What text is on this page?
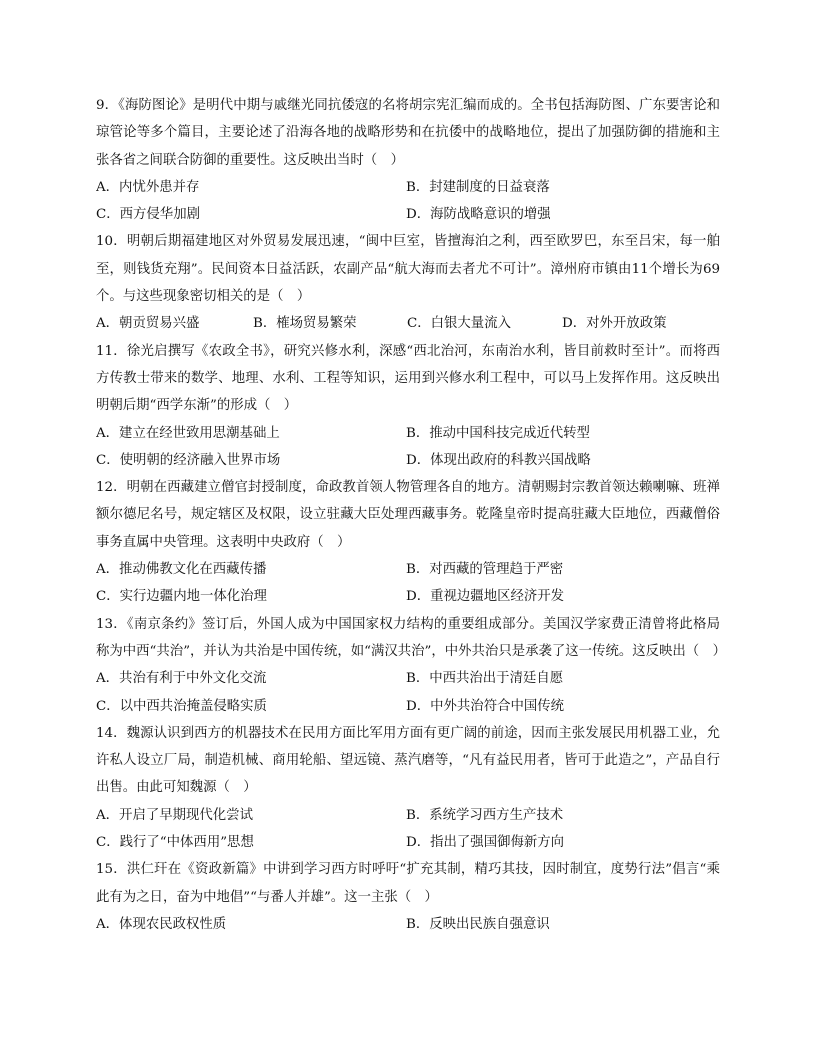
9．《海防图论》是明代中期与戚继光同抗倭寇的名将胡宗宪汇编而成的。全书包括海防图、广东要害论和琼管论等多个篇目，主要论述了沿海各地的战略形势和在抗倭中的战略地位，提出了加强防御的措施和主张各省之间联合防御的重要性。这反映出当时（　）

A．内忧外患并存	B．封建制度的日益衰落
C．西方侵华加剧	D．海防战略意识的增强

10．明朝后期福建地区对外贸易发展迅速，“闽中巨室，皆擅海泊之利，西至欧罗巴，东至吕宋，每一舶至，则钱货充翔”。民间资本日益活跃，农副产品“航大海而去者尤不可计”。漳州府市镇由11个增长为69个。与这些现象密切相关的是（　）

A．朝贡贸易兴盛	B．榷场贸易繁荣	C．白银大量流入	D．对外开放政策

11．徐光启撰写《农政全书》，研究兴修水利，深感“西北治河，东南治水利，皆目前救时至计”。而将西方传教士带来的数学、地理、水利、工程等知识，运用到兴修水利工程中，可以马上发挥作用。这反映出明朝后期“西学东渐”的形成（　）

A．建立在经世致用思潮基础上	B．推动中国科技完成近代转型
C．使明朝的经济融入世界市场	D．体现出政府的科教兴国战略

12．明朝在西藏建立僧官封授制度，命政教首领人物管理各自的地方。清朝赐封宗教首领达赖喇嘛、班禅额尔德尼名号，规定辖区及权限，设立驻藏大臣处理西藏事务。乾隆皇帝时提高驻藏大臣地位，西藏僧俗事务直属中央管理。这表明中央政府（　）

A．推动佛教文化在西藏传播	B．对西藏的管理趋于严密
C．实行边疆内地一体化治理	D．重视边疆地区经济开发

13．《南京条约》签订后，外国人成为中国国家权力结构的重要组成部分。美国汉学家费正清曾将此格局称为中西“共治”，并认为共治是中国传统，如“满汉共治”，中外共治只是承袭了这一传统。这反映出（　）

A．共治有利于中外文化交流	B．中西共治出于清廷自愿
C．以中西共治掩盖侵略实质	D．中外共治符合中国传统

14．魏源认识到西方的机器技术在民用方面比军用方面有更广阔的前途，因而主张发展民用机器工业，允许私人设立厂局，制造机械、商用轮船、望远镜、蒸汽磨等，“凡有益民用者，皆可于此造之”，产品自行出售。由此可知魏源（　）

A．开启了早期现代化尝试	B．系统学习西方生产技术
C．践行了“中体西用”思想	D．指出了强国御侮新方向

15．洪仁玕在《资政新篇》中讲到学习西方时呼吁“扩充其制，精巧其技，因时制宜，度势行法”倡言“乘此有为之日，奋为中地倡”“与番人并雄”。这一主张（　）

A．体现农民政权性质	B．反映出民族自强意识
